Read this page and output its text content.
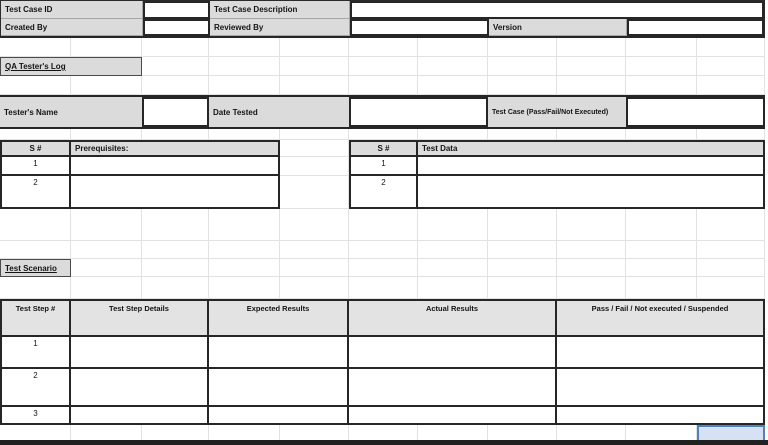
Test Case ID	Test Case Description
Created By	Reviewed By	Version
QA Tester's Log
Tester's Name	Date Tested	Test Case (Pass/Fail/Not Executed)
S #	Prerequisites:
1
2
S #	Test Data
1
2
Test Scenario
Test Step #	Test Step Details	Expected Results	Actual Results	Pass / Fail / Not executed / Suspended
1
2
3
